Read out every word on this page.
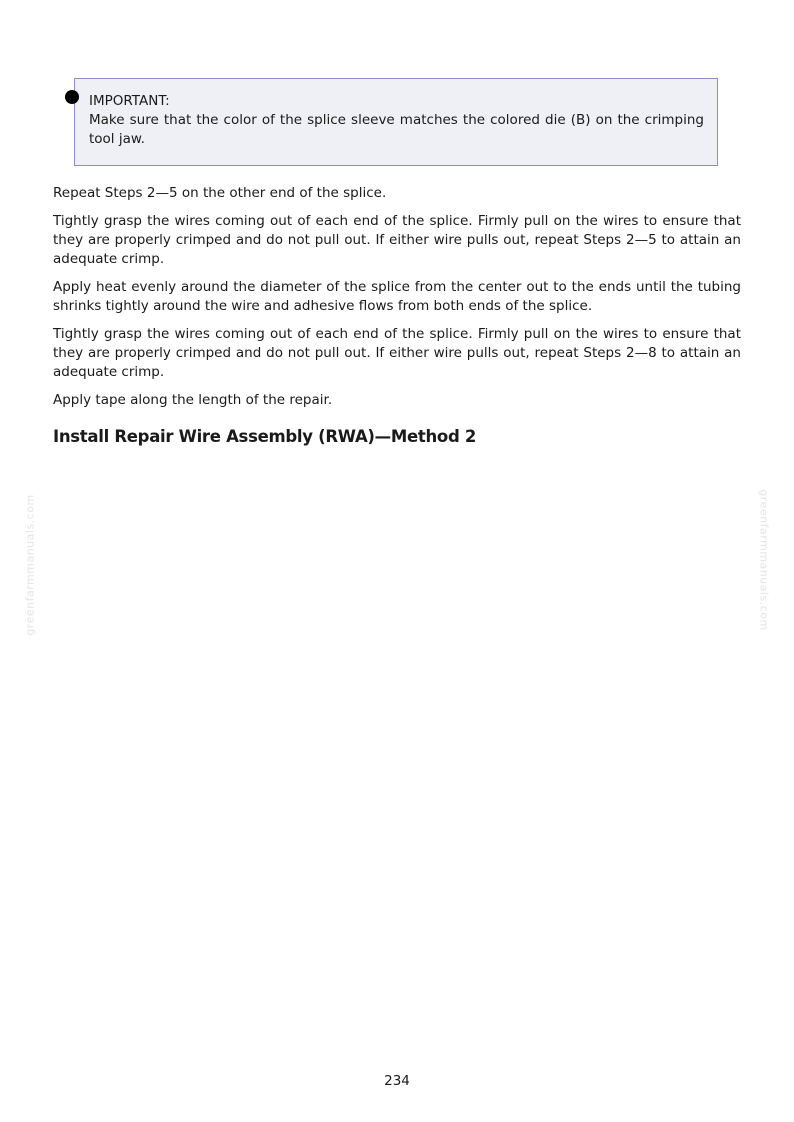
IMPORTANT:
Make sure that the color of the splice sleeve matches the colored die (B) on the crimping tool jaw.

Repeat Steps 2—5 on the other end of the splice.

Tightly grasp the wires coming out of each end of the splice. Firmly pull on the wires to ensure that they are properly crimped and do not pull out. If either wire pulls out, repeat Steps 2—5 to attain an adequate crimp.

Apply heat evenly around the diameter of the splice from the center out to the ends until the tubing shrinks tightly around the wire and adhesive flows from both ends of the splice.

Tightly grasp the wires coming out of each end of the splice. Firmly pull on the wires to ensure that they are properly crimped and do not pull out. If either wire pulls out, repeat Steps 2—8 to attain an adequate crimp.

Apply tape along the length of the repair.

Install Repair Wire Assembly (RWA)—Method 2
greenfarmmanuals.com	greenfarmmanuals.com
234
